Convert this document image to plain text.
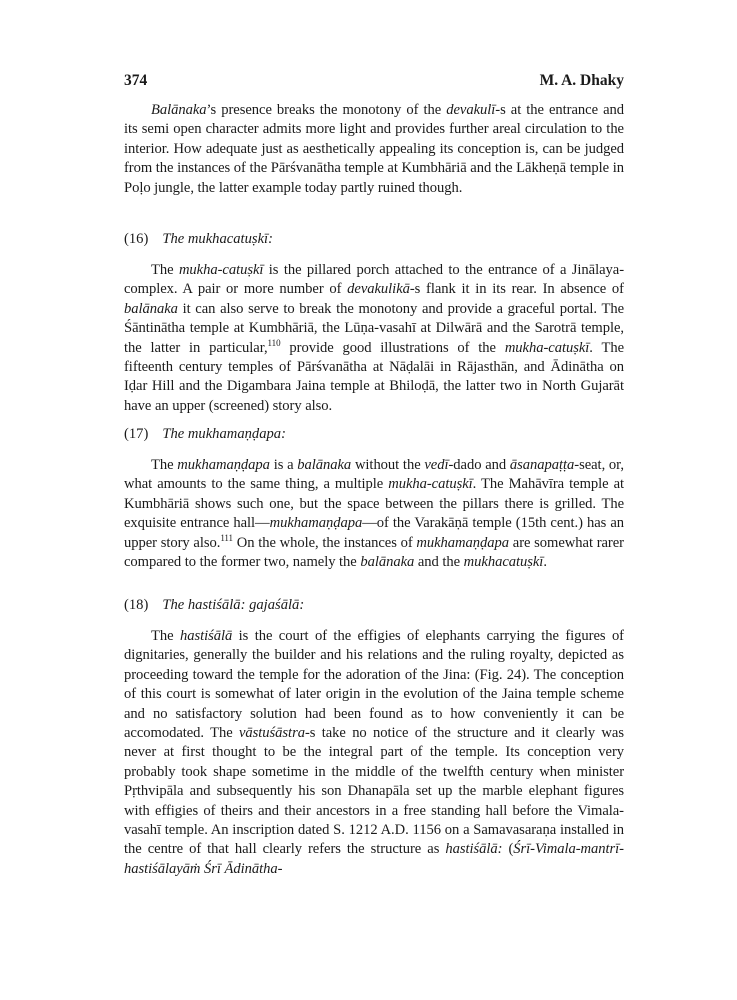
374	M. A. Dhaky

Balānaka’s presence breaks the monotony of the devakulī-s at the entrance and its semi open character admits more light and provides further areal circulation to the interior. How adequate just as aesthetically appealing its conception is, can be judged from the instances of the Pārśvanātha temple at Kumbhāriā and the Lākheṇā temple in Poḷo jungle, the latter example today partly ruined though.

(16) The mukhacatuṣkī:

The mukha-catuṣkī is the pillared porch attached to the entrance of a Jinālaya-complex. A pair or more number of devakulikā-s flank it in its rear. In absence of balānaka it can also serve to break the monotony and provide a graceful portal. The Śāntinātha temple at Kumbhāriā, the Lūṇa-vasahī at Dilwārā and the Sarotrā temple, the latter in particular,$^{110}$ provide good illustrations of the mukha-catuṣkī. The fifteenth century temples of Pārśvanātha at Nāḍalāi in Rājasthān, and Ādinātha on Iḍar Hill and the Digambara Jaina temple at Bhiloḍā, the latter two in North Gujarāt have an upper (screened) story also.

(17) The mukhamaṇḍapa:

The mukhamaṇḍapa is a balānaka without the vedī-dado and āsanapaṭṭa-seat, or, what amounts to the same thing, a multiple mukha-catuṣkī. The Mahāvīra temple at Kumbhāriā shows such one, but the space between the pillars there is grilled. The exquisite entrance hall—mukhamaṇḍapa—of the Varakāṇā temple (15th cent.) has an upper story also.$^{111}$ On the whole, the instances of mukhamaṇḍapa are somewhat rarer compared to the former two, namely the balānaka and the mukhacatuṣkī.

(18) The hastiśālā: gajaśālā:

The hastiśālā is the court of the effigies of elephants carrying the figures of dignitaries, generally the builder and his relations and the ruling royalty, depicted as proceeding toward the temple for the adoration of the Jina: (Fig. 24). The conception of this court is somewhat of later origin in the evolution of the Jaina temple scheme and no satisfactory solution had been found as to how conveniently it can be accomodated. The vāstuśāstra-s take no notice of the structure and it clearly was never at first thought to be the integral part of the temple. Its conception very probably took shape sometime in the middle of the twelfth century when minister Pṛthvipāla and subsequently his son Dhanapāla set up the marble elephant figures with effigies of theirs and their ancestors in a free standing hall before the Vimala-vasahī temple. An inscription dated S. 1212 A.D. 1156 on a Samavasaraṇa installed in the centre of that hall clearly refers the structure as hastiśālā: (Śrī-Vimala-mantrī-hastiśālayāṁ Śrī Ādinātha-
